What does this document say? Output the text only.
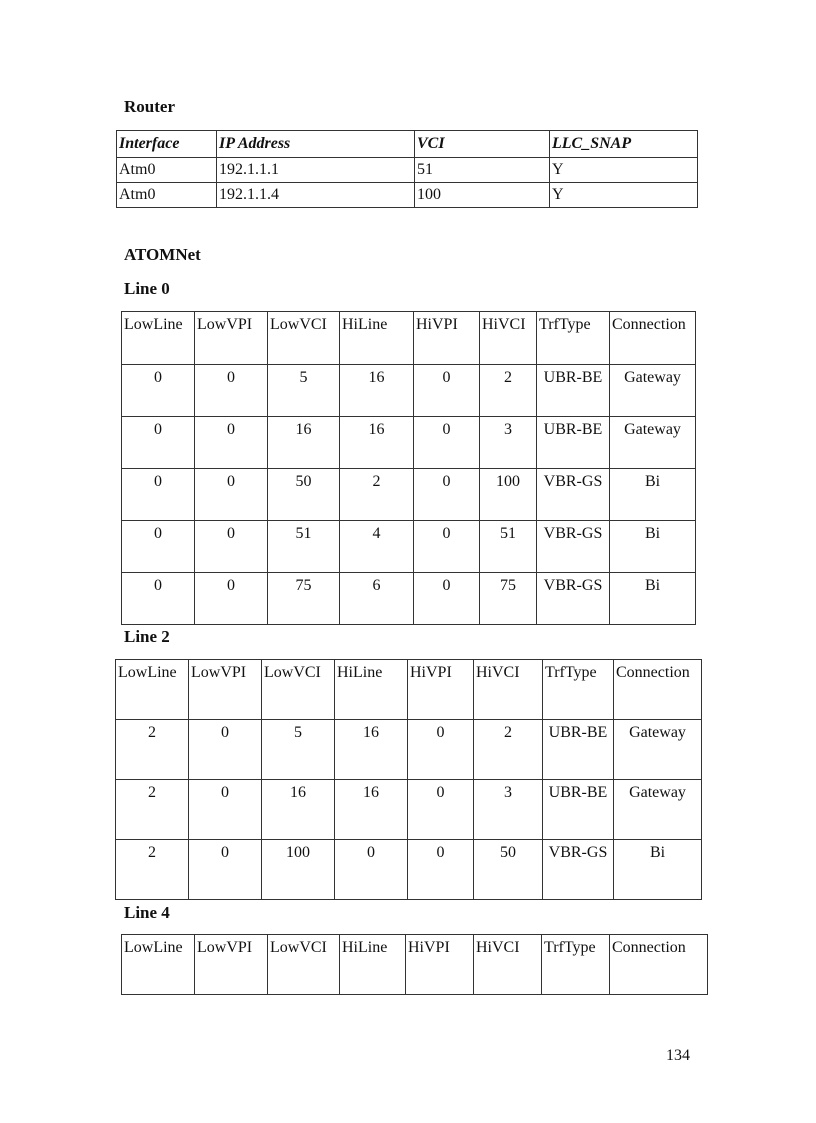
Router
Interface	IP Address	VCI	LLC_SNAP
Atm0	192.1.1.1	51	Y
Atm0	192.1.1.4	100	Y
ATOMNet
Line 0
LowLine	LowVPI	LowVCI	HiLine	HiVPI	HiVCI	TrfType	Connection
0	0	5	16	0	2	UBR-BE	Gateway
0	0	16	16	0	3	UBR-BE	Gateway
0	0	50	2	0	100	VBR-GS	Bi
0	0	51	4	0	51	VBR-GS	Bi
0	0	75	6	0	75	VBR-GS	Bi
Line 2
LowLine	LowVPI	LowVCI	HiLine	HiVPI	HiVCI	TrfType	Connection
2	0	5	16	0	2	UBR-BE	Gateway
2	0	16	16	0	3	UBR-BE	Gateway
2	0	100	0	0	50	VBR-GS	Bi
Line 4
LowLine	LowVPI	LowVCI	HiLine	HiVPI	HiVCI	TrfType	Connection
134
